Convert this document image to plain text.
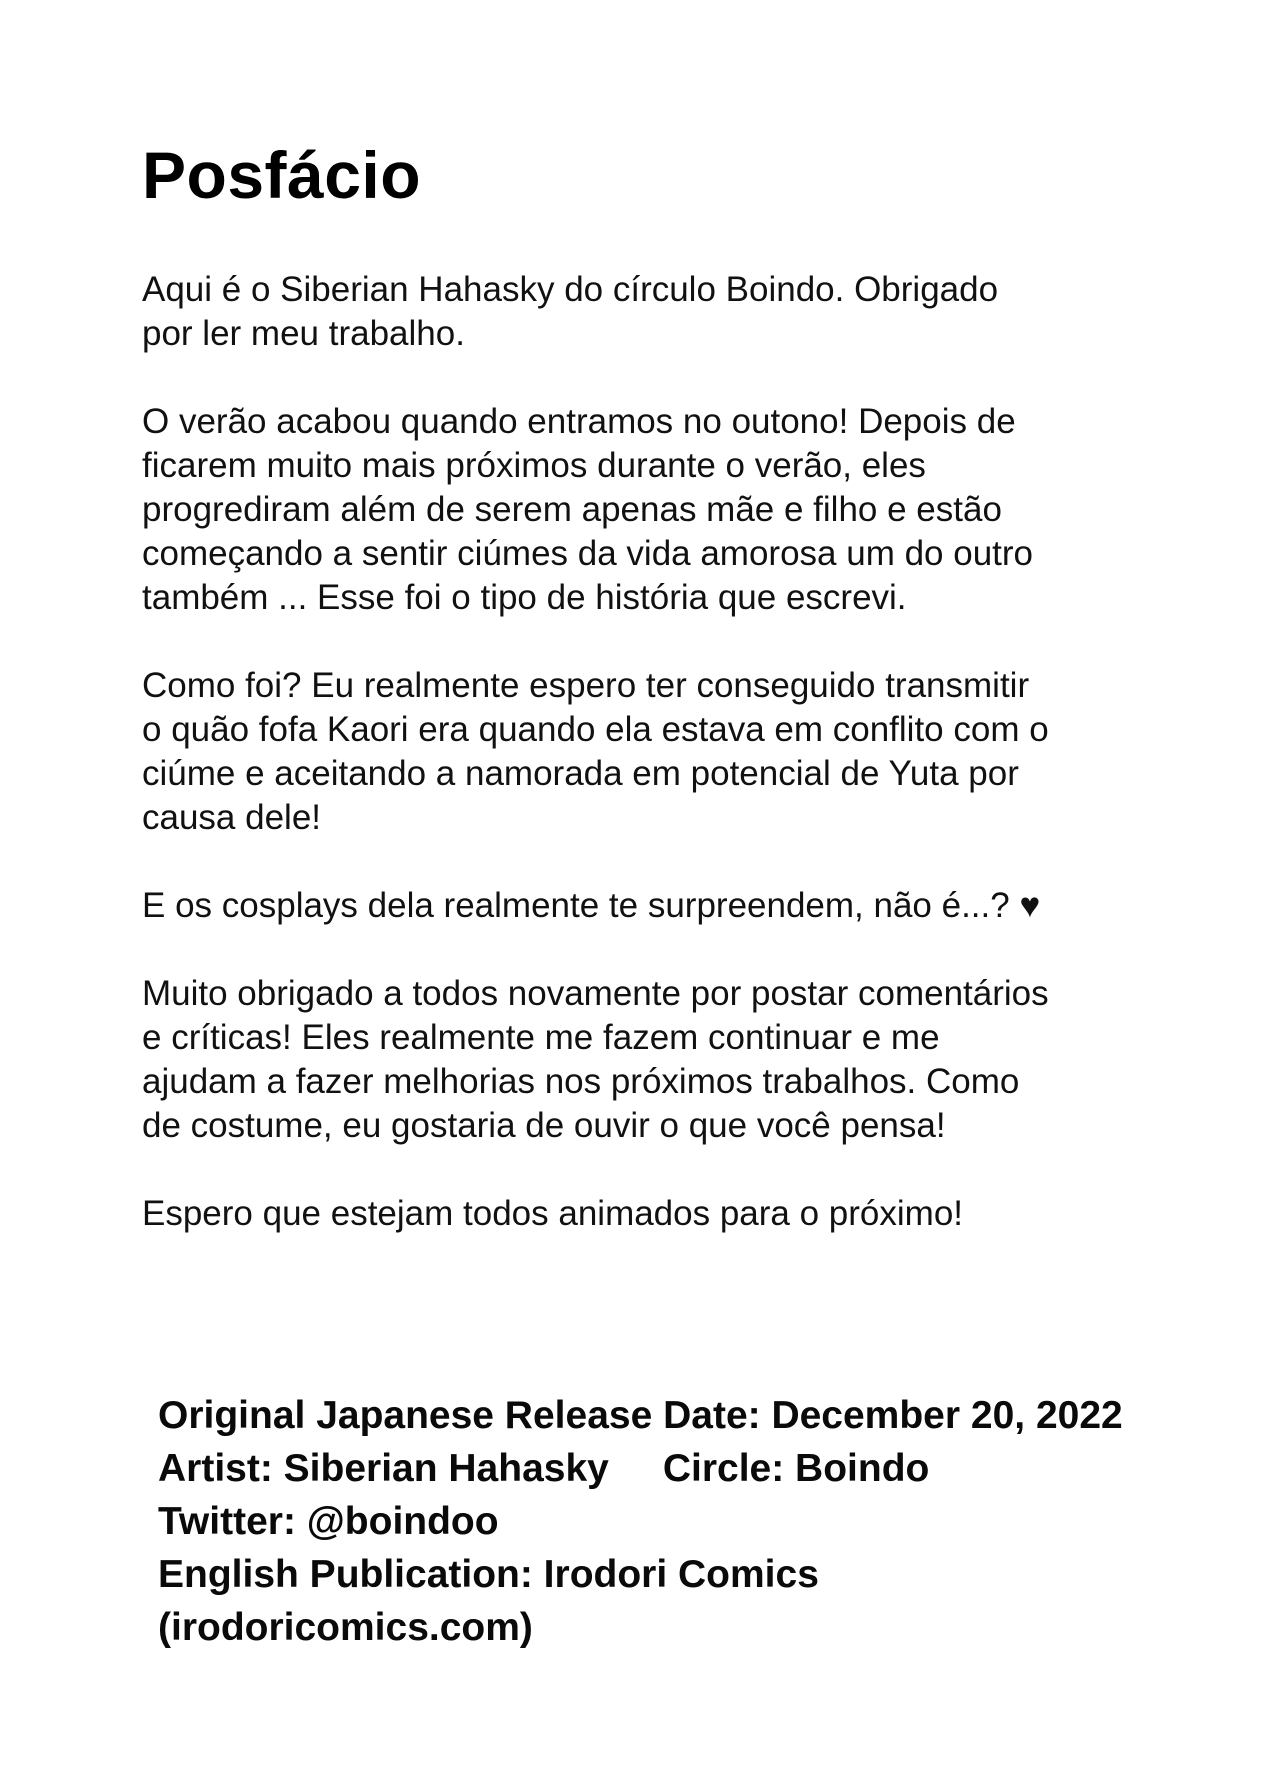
Posfácio

Aqui é o Siberian Hahasky do círculo Boindo. Obrigado
por ler meu trabalho.

O verão acabou quando entramos no outono! Depois de
ficarem muito mais próximos durante o verão, eles
progrediram além de serem apenas mãe e filho e estão
começando a sentir ciúmes da vida amorosa um do outro
também ... Esse foi o tipo de história que escrevi.

Como foi? Eu realmente espero ter conseguido transmitir
o quão fofa Kaori era quando ela estava em conflito com o
ciúme e aceitando a namorada em potencial de Yuta por
causa dele!

E os cosplays dela realmente te surpreendem, não é...? ♥

Muito obrigado a todos novamente por postar comentários
e críticas! Eles realmente me fazem continuar e me
ajudam a fazer melhorias nos próximos trabalhos. Como
de costume, eu gostaria de ouvir o que você pensa!

Espero que estejam todos animados para o próximo!

Original Japanese Release Date: December 20, 2022
Artist: Siberian Hahasky Circle: Boindo
Twitter: @boindoo
English Publication: Irodori Comics
(irodoricomics.com)
